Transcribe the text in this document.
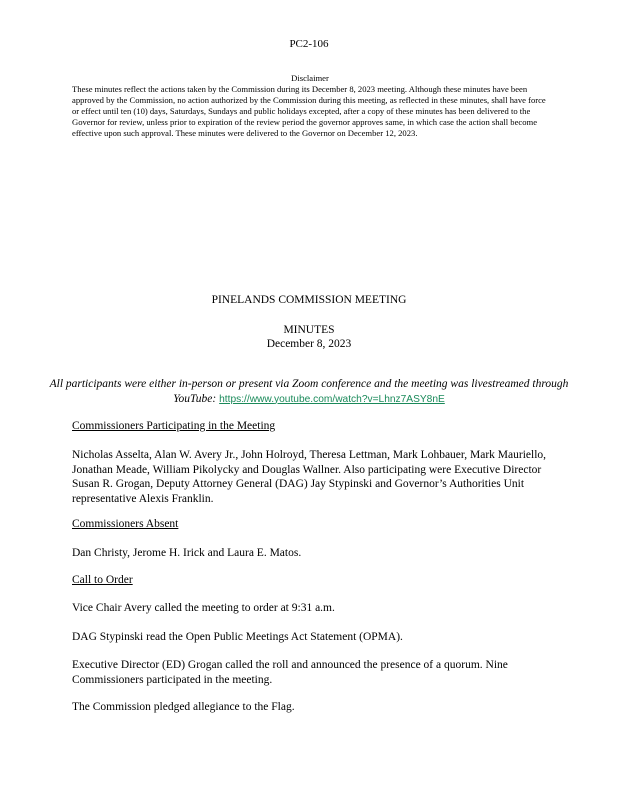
PC2-106
Disclaimer
These minutes reflect the actions taken by the Commission during its December 8, 2023 meeting. Although these minutes have been approved by the Commission, no action authorized by the Commission during this meeting, as reflected in these minutes, shall have force or effect until ten (10) days, Saturdays, Sundays and public holidays excepted, after a copy of these minutes has been delivered to the Governor for review, unless prior to expiration of the review period the governor approves same, in which case the action shall become effective upon such approval. These minutes were delivered to the Governor on December 12, 2023.
PINELANDS COMMISSION MEETING
MINUTES
December 8, 2023
All participants were either in-person or present via Zoom conference and the meeting was livestreamed through YouTube: https://www.youtube.com/watch?v=Lhnz7ASY8nE
Commissioners Participating in the Meeting
Nicholas Asselta, Alan W. Avery Jr., John Holroyd, Theresa Lettman, Mark Lohbauer, Mark Mauriello, Jonathan Meade, William Pikolycky and Douglas Wallner. Also participating were Executive Director Susan R. Grogan, Deputy Attorney General (DAG) Jay Stypinski and Governor’s Authorities Unit representative Alexis Franklin.
Commissioners Absent
Dan Christy, Jerome H. Irick and Laura E. Matos.
Call to Order
Vice Chair Avery called the meeting to order at 9:31 a.m.
DAG Stypinski read the Open Public Meetings Act Statement (OPMA).
Executive Director (ED) Grogan called the roll and announced the presence of a quorum. Nine Commissioners participated in the meeting.
The Commission pledged allegiance to the Flag.
